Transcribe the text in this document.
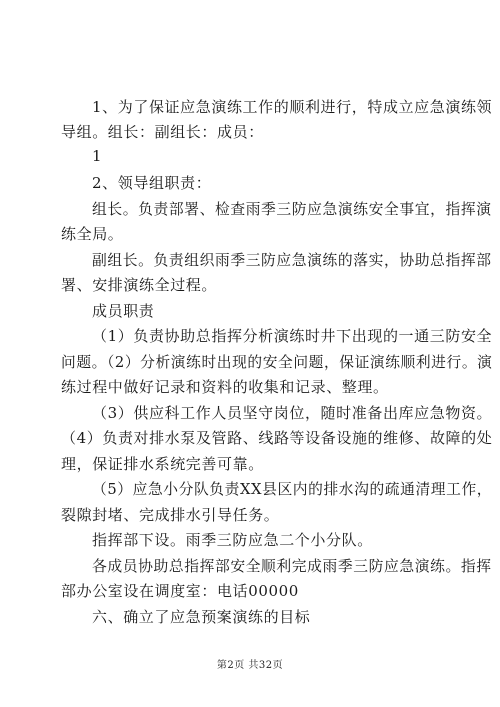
1、为了保证应急演练工作的顺利进行，特成立应急演练领
导组。组长：副组长：成员：
1
2、领导组职责：
组长。负责部署、检查雨季三防应急演练安全事宜，指挥演
练全局。
副组长。负责组织雨季三防应急演练的落实，协助总指挥部
署、安排演练全过程。
成员职责
（1）负责协助总指挥分析演练时井下出现的一通三防安全
问题。（2）分析演练时出现的安全问题，保证演练顺利进行。演
练过程中做好记录和资料的收集和记录、整理。
（3）供应科工作人员坚守岗位，随时准备出库应急物资。
（4）负责对排水泵及管路、线路等设备设施的维修、故障的处
理，保证排水系统完善可靠。
（5）应急小分队负责XX县区内的排水沟的疏通清理工作，
裂隙封堵、完成排水引导任务。
指挥部下设。雨季三防应急二个小分队。
各成员协助总指挥部安全顺利完成雨季三防应急演练。指挥
部办公室设在调度室：电话00000
六、确立了应急预案演练的目标
第2页 共32页
